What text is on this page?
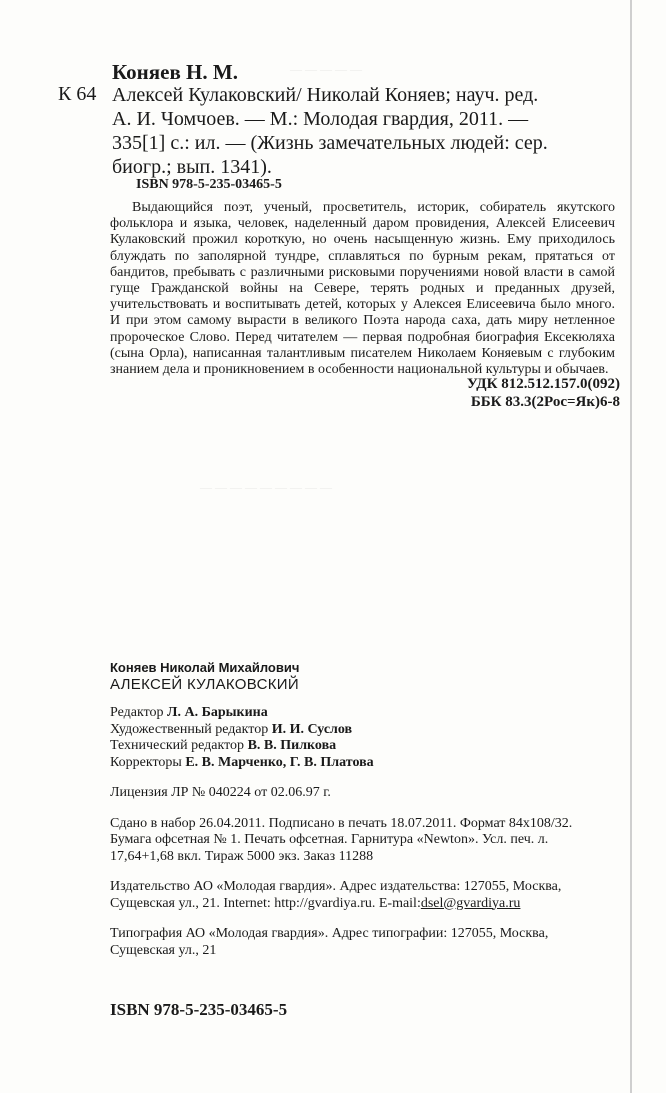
— — — — —
— — — — — — — — —
Коняев Н. М.
К 64 Алексей Кулаковский/ Николай Коняев; науч. ред.
А. И. Чомчоев. — М.: Молодая гвардия, 2011. —
335[1] с.: ил. — (Жизнь замечательных людей: сер.
биогр.; вып. 1341).
ISBN 978-5-235-03465-5
Выдающийся поэт, ученый, просветитель, историк, собиратель якутского фольклора и языка, человек, наделенный даром провидения, Алексей Елисеевич Кулаковский прожил короткую, но очень насыщенную жизнь. Ему приходилось блуждать по заполярной тундре, сплавляться по бурным рекам, прятаться от бандитов, пребывать с различными рисковыми поручениями новой власти в самой гуще Гражданской войны на Севере, терять родных и преданных друзей, учительствовать и воспитывать детей, которых у Алексея Елисеевича было много. И при этом самому вырасти в великого Поэта народа саха, дать миру нетленное пророческое Слово. Перед читателем — первая подробная биография Ексекюляха (сына Орла), написанная талантливым писателем Николаем Коняевым с глубоким знанием дела и проникновением в особенности национальной культуры и обычаев.
УДК 812.512.157.0(092)
ББК 83.3(2Рос=Як)6-8
Коняев Николай Михайлович
АЛЕКСЕЙ КУЛАКОВСКИЙ
Редактор Л. А. Барыкина
Художественный редактор И. И. Суслов
Технический редактор В. В. Пилкова
Корректоры Е. В. Марченко, Г. В. Платова
Лицензия ЛР № 040224 от 02.06.97 г.
Сдано в набор 26.04.2011. Подписано в печать 18.07.2011. Формат 84x108/32.
Бумага офсетная № 1. Печать офсетная. Гарнитура «Newton». Усл. печ. л.
17,64+1,68 вкл. Тираж 5000 экз. Заказ 11288
Издательство АО «Молодая гвардия». Адрес издательства: 127055, Москва,
Сущевская ул., 21. Internet: http://gvardiya.ru. E-mail:dsel@gvardiya.ru
Типография АО «Молодая гвардия». Адрес типографии: 127055, Москва,
Сущевская ул., 21
ISBN 978-5-235-03465-5
